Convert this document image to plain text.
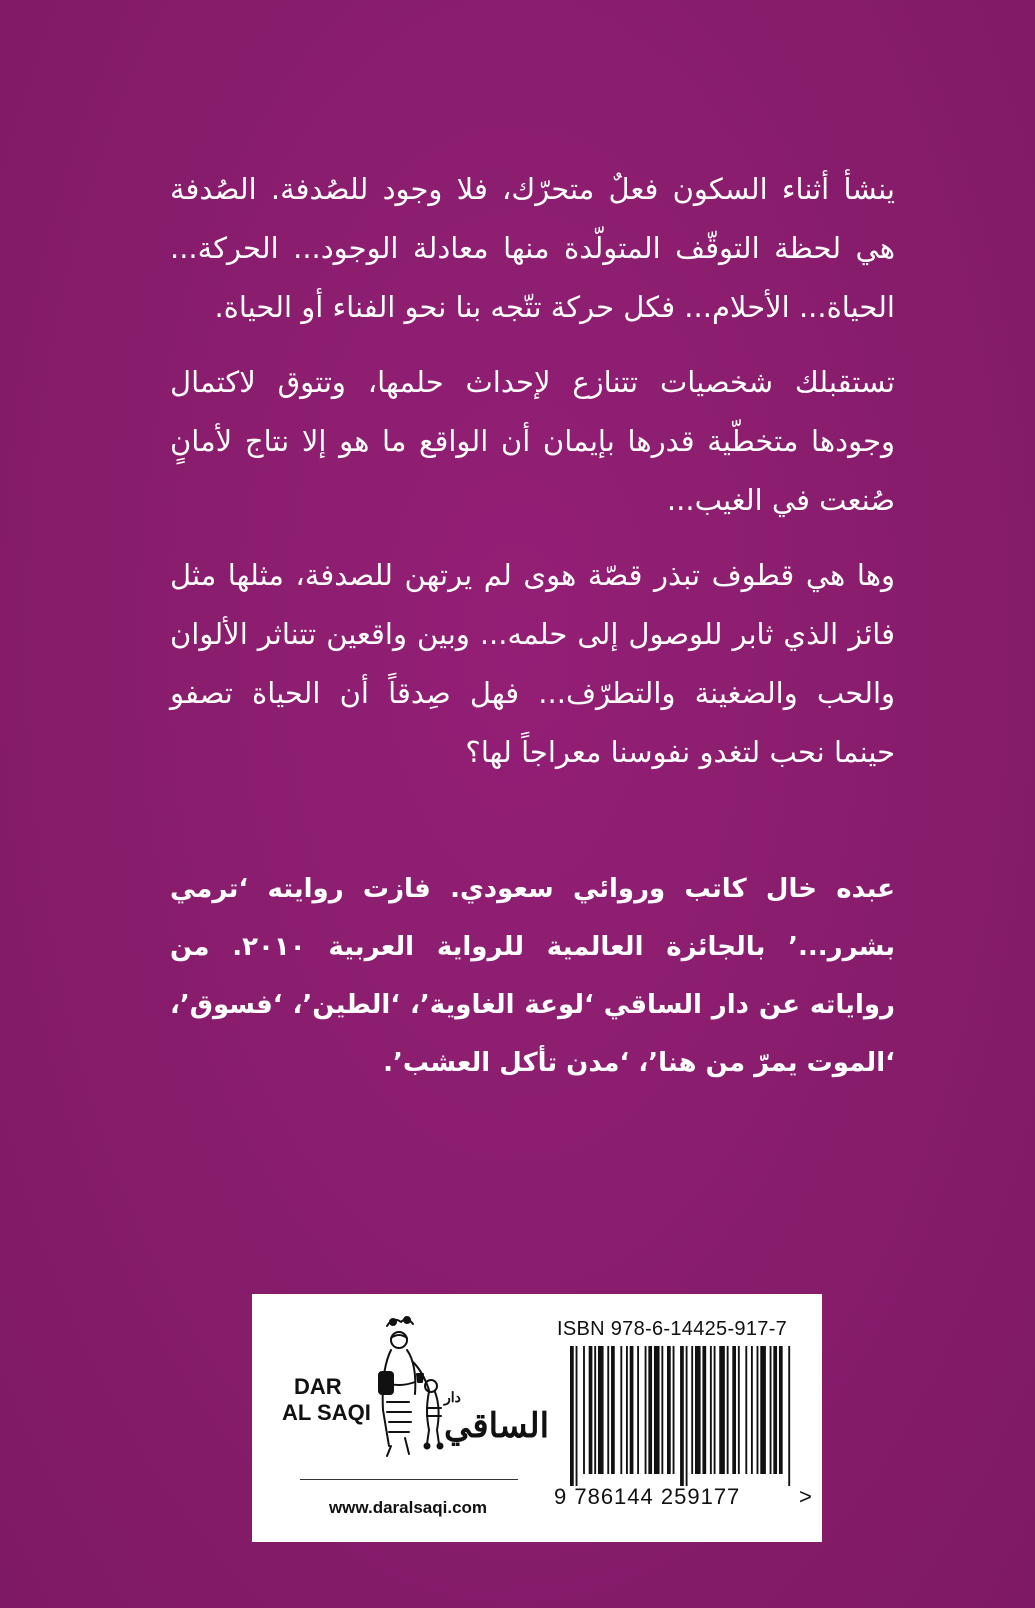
ينشأ أثناء السكون فعلٌ متحرّك، فلا وجود للصُدفة. الصُدفة هي لحظة التوقّف المتولّدة منها معادلة الوجود... الحركة... الحياة... الأحلام... فكل حركة تتّجه بنا نحو الفناء أو الحياة.

تستقبلك شخصيات تتنازع لإحداث حلمها، وتتوق لاكتمال وجودها متخطّية قدرها بإيمان أن الواقع ما هو إلا نتاج لأمانٍ صُنعت في الغيب...

وها هي قطوف تبذر قصّة هوى لم يرتهن للصدفة، مثلها مثل فائز الذي ثابر للوصول إلى حلمه... وبين واقعين تتناثر الألوان والحب والضغينة والتطرّف... فهل صِدقاً أن الحياة تصفو حينما نحب لتغدو نفوسنا معراجاً لها؟

عبده خال كاتب وروائي سعودي. فازت روايته ‘ترمي بشرر...’ بالجائزة العالمية للرواية العربية ٢٠١٠. من رواياته عن دار الساقي ‘لوعة الغاوية’، ‘الطين’، ‘فسوق’، ‘الموت يمرّ من هنا’، ‘مدن تأكل العشب’.

DAR
AL SAQI
دار
الساقي
www.daralsaqi.com
ISBN 978-6-14425-917-7
9 786144 259177	>
